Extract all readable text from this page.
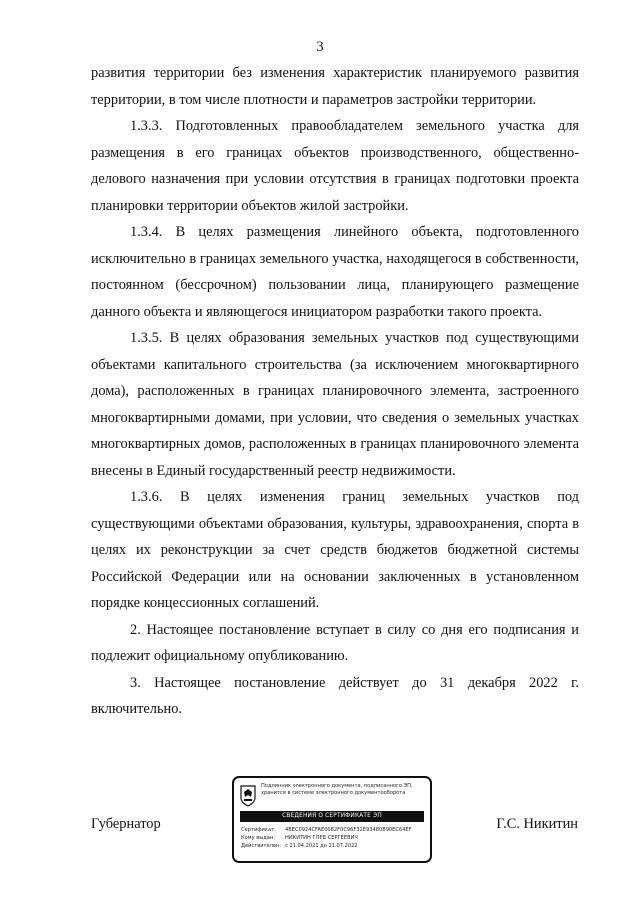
3

развития территории без изменения характеристик планируемого развития территории, в том числе плотности и параметров застройки территории.

1.3.3. Подготовленных правообладателем земельного участка для размещения в его границах объектов производственного, общественно-делового назначения при условии отсутствия в границах подготовки проекта планировки территории объектов жилой застройки.

1.3.4. В целях размещения линейного объекта, подготовленного исключительно в границах земельного участка, находящегося в собственности, постоянном (бессрочном) пользовании лица, планирующего размещение данного объекта и являющегося инициатором разработки такого проекта.

1.3.5. В целях образования земельных участков под существующими объектами капитального строительства (за исключением многоквартирного дома), расположенных в границах планировочного элемента, застроенного многоквартирными домами, при условии, что сведения о земельных участках многоквартирных домов, расположенных в границах планировочного элемента внесены в Единый государственный реестр недвижимости.

1.3.6. В целях изменения границ земельных участков под существующими объектами образования, культуры, здравоохранения, спорта в целях их реконструкции за счет средств бюджетов бюджетной системы Российской Федерации или на основании заключенных в установленном порядке концессионных соглашений.

2. Настоящее постановление вступает в силу со дня его подписания и подлежит официальному опубликованию.

3. Настоящее постановление действует до 31 декабря 2022 г. включительно.

Губернатор
Подлинник электронного документа, подписанного ЭП,
хранится в системе электронного документооборота
СВЕДЕНИЯ О СЕРТИФИКАТЕ ЭП
Сертификат: 4BEC0924CFAE0082F0C96F32E93480B90EC64EF
Кому выдан: НИКИТИН ГЛЕБ СЕРГЕЕВИЧ
Действителен: с 21.04.2021 до 21.07.2022
Г.С. Никитин
